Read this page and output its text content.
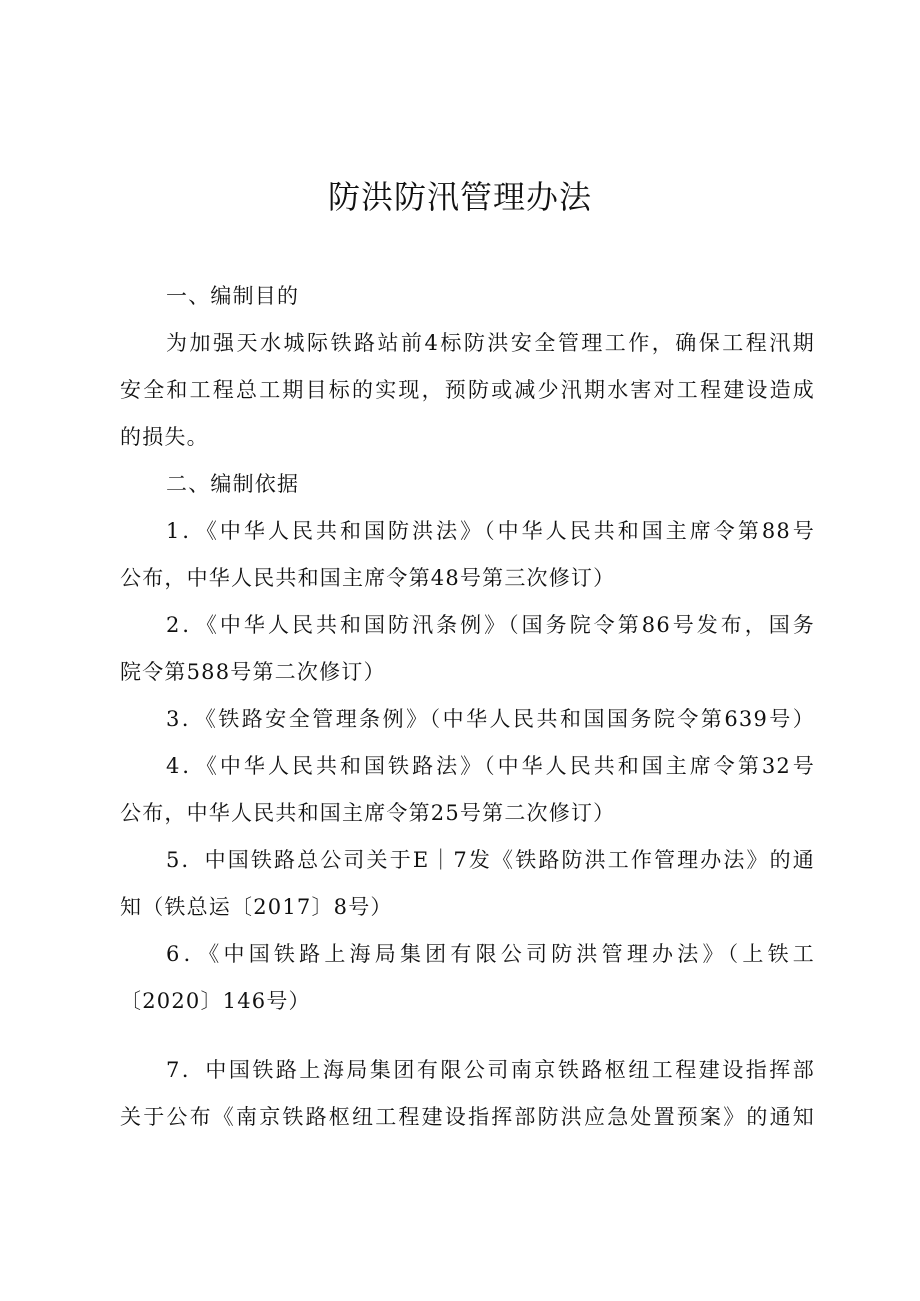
防洪防汛管理办法
一、编制目的
为加强天水城际铁路站前4标防洪安全管理工作，确保工程汛期
安全和工程总工期目标的实现，预防或减少汛期水害对工程建设造成
的损失。
二、编制依据
1．《中华人民共和国防洪法》（中华人民共和国主席令第88号
公布，中华人民共和国主席令第48号第三次修订）
2．《中华人民共和国防汛条例》（国务院令第86号发布，国务
院令第588号第二次修订）
3．《铁路安全管理条例》（中华人民共和国国务院令第639号）
4．《中华人民共和国铁路法》（中华人民共和国主席令第32号
公布，中华人民共和国主席令第25号第二次修订）
5．中国铁路总公司关于E｜7发《铁路防洪工作管理办法》的通
知（铁总运〔2017〕8号）
6．《中国铁路上海局集团有限公司防洪管理办法》（上铁工
〔2020〕146号）
7．中国铁路上海局集团有限公司南京铁路枢纽工程建设指挥部
关于公布《南京铁路枢纽工程建设指挥部防洪应急处置预案》的通知
